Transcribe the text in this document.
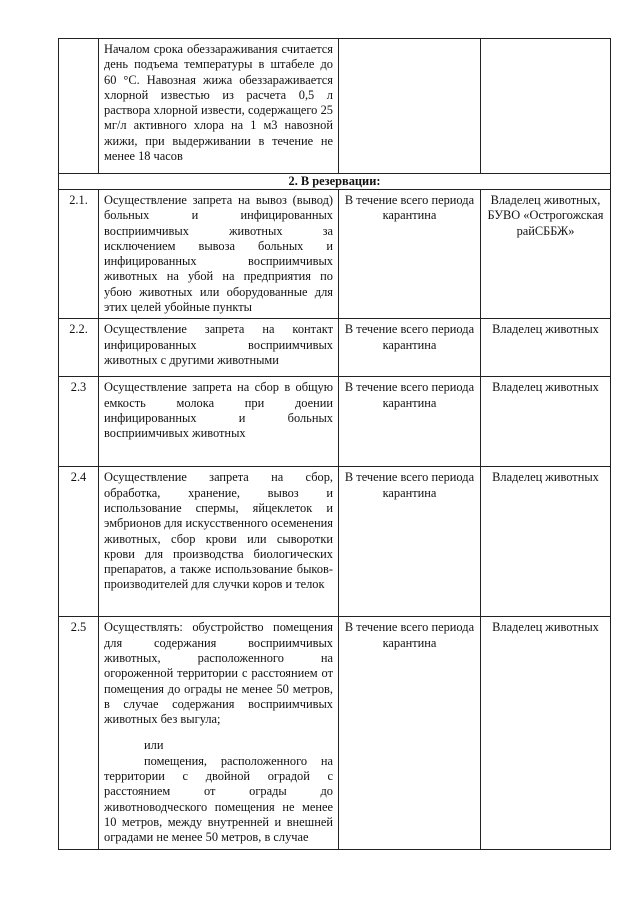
	Началом срока обеззараживания считается день подъема температуры в штабеле до 60 °С. Навозная жижа обеззараживается хлорной известью из расчета 0,5 л раствора хлорной извести, содержащего 25 мг/л активного хлора на 1 м3 навозной жижи, при выдерживании в течение не менее 18 часов		
2. В резервации:			
2.1.	Осуществление запрета на вывоз (вывод) больных и инфицированных восприимчивых животных за исключением вывоза больных и инфицированных восприимчивых животных на убой на предприятия по убою животных или оборудованные для этих целей убойные пункты	В течение всего периода карантина	Владелец животных, БУВО «Острогожская райСББЖ»
2.2.	Осуществление запрета на контакт инфицированных восприимчивых животных с другими животными	В течение всего периода карантина	Владелец животных
2.3	Осуществление запрета на сбор в общую емкость молока при доении инфицированных и больных восприимчивых животных	В течение всего периода карантина	Владелец животных
2.4	Осуществление запрета на сбор, обработка, хранение, вывоз и использование спермы, яйцеклеток и эмбрионов для искусственного осеменения животных, сбор крови или сыворотки крови для производства биологических препаратов, а также использование быков-производителей для случки коров и телок	В течение всего периода карантина	Владелец животных
2.5	Осуществлять: обустройство помещения для содержания восприимчивых животных, расположенного на огороженной территории с расстоянием от помещения до ограды не менее 50 метров, в случае содержания восприимчивых животных без выгула;

или

помещения, расположенного на территории с двойной оградой с расстоянием от ограды до животноводческого помещения не менее 10 метров, между внутренней и внешней оградами не менее 50 метров, в случае	В течение всего периода карантина	Владелец животных
